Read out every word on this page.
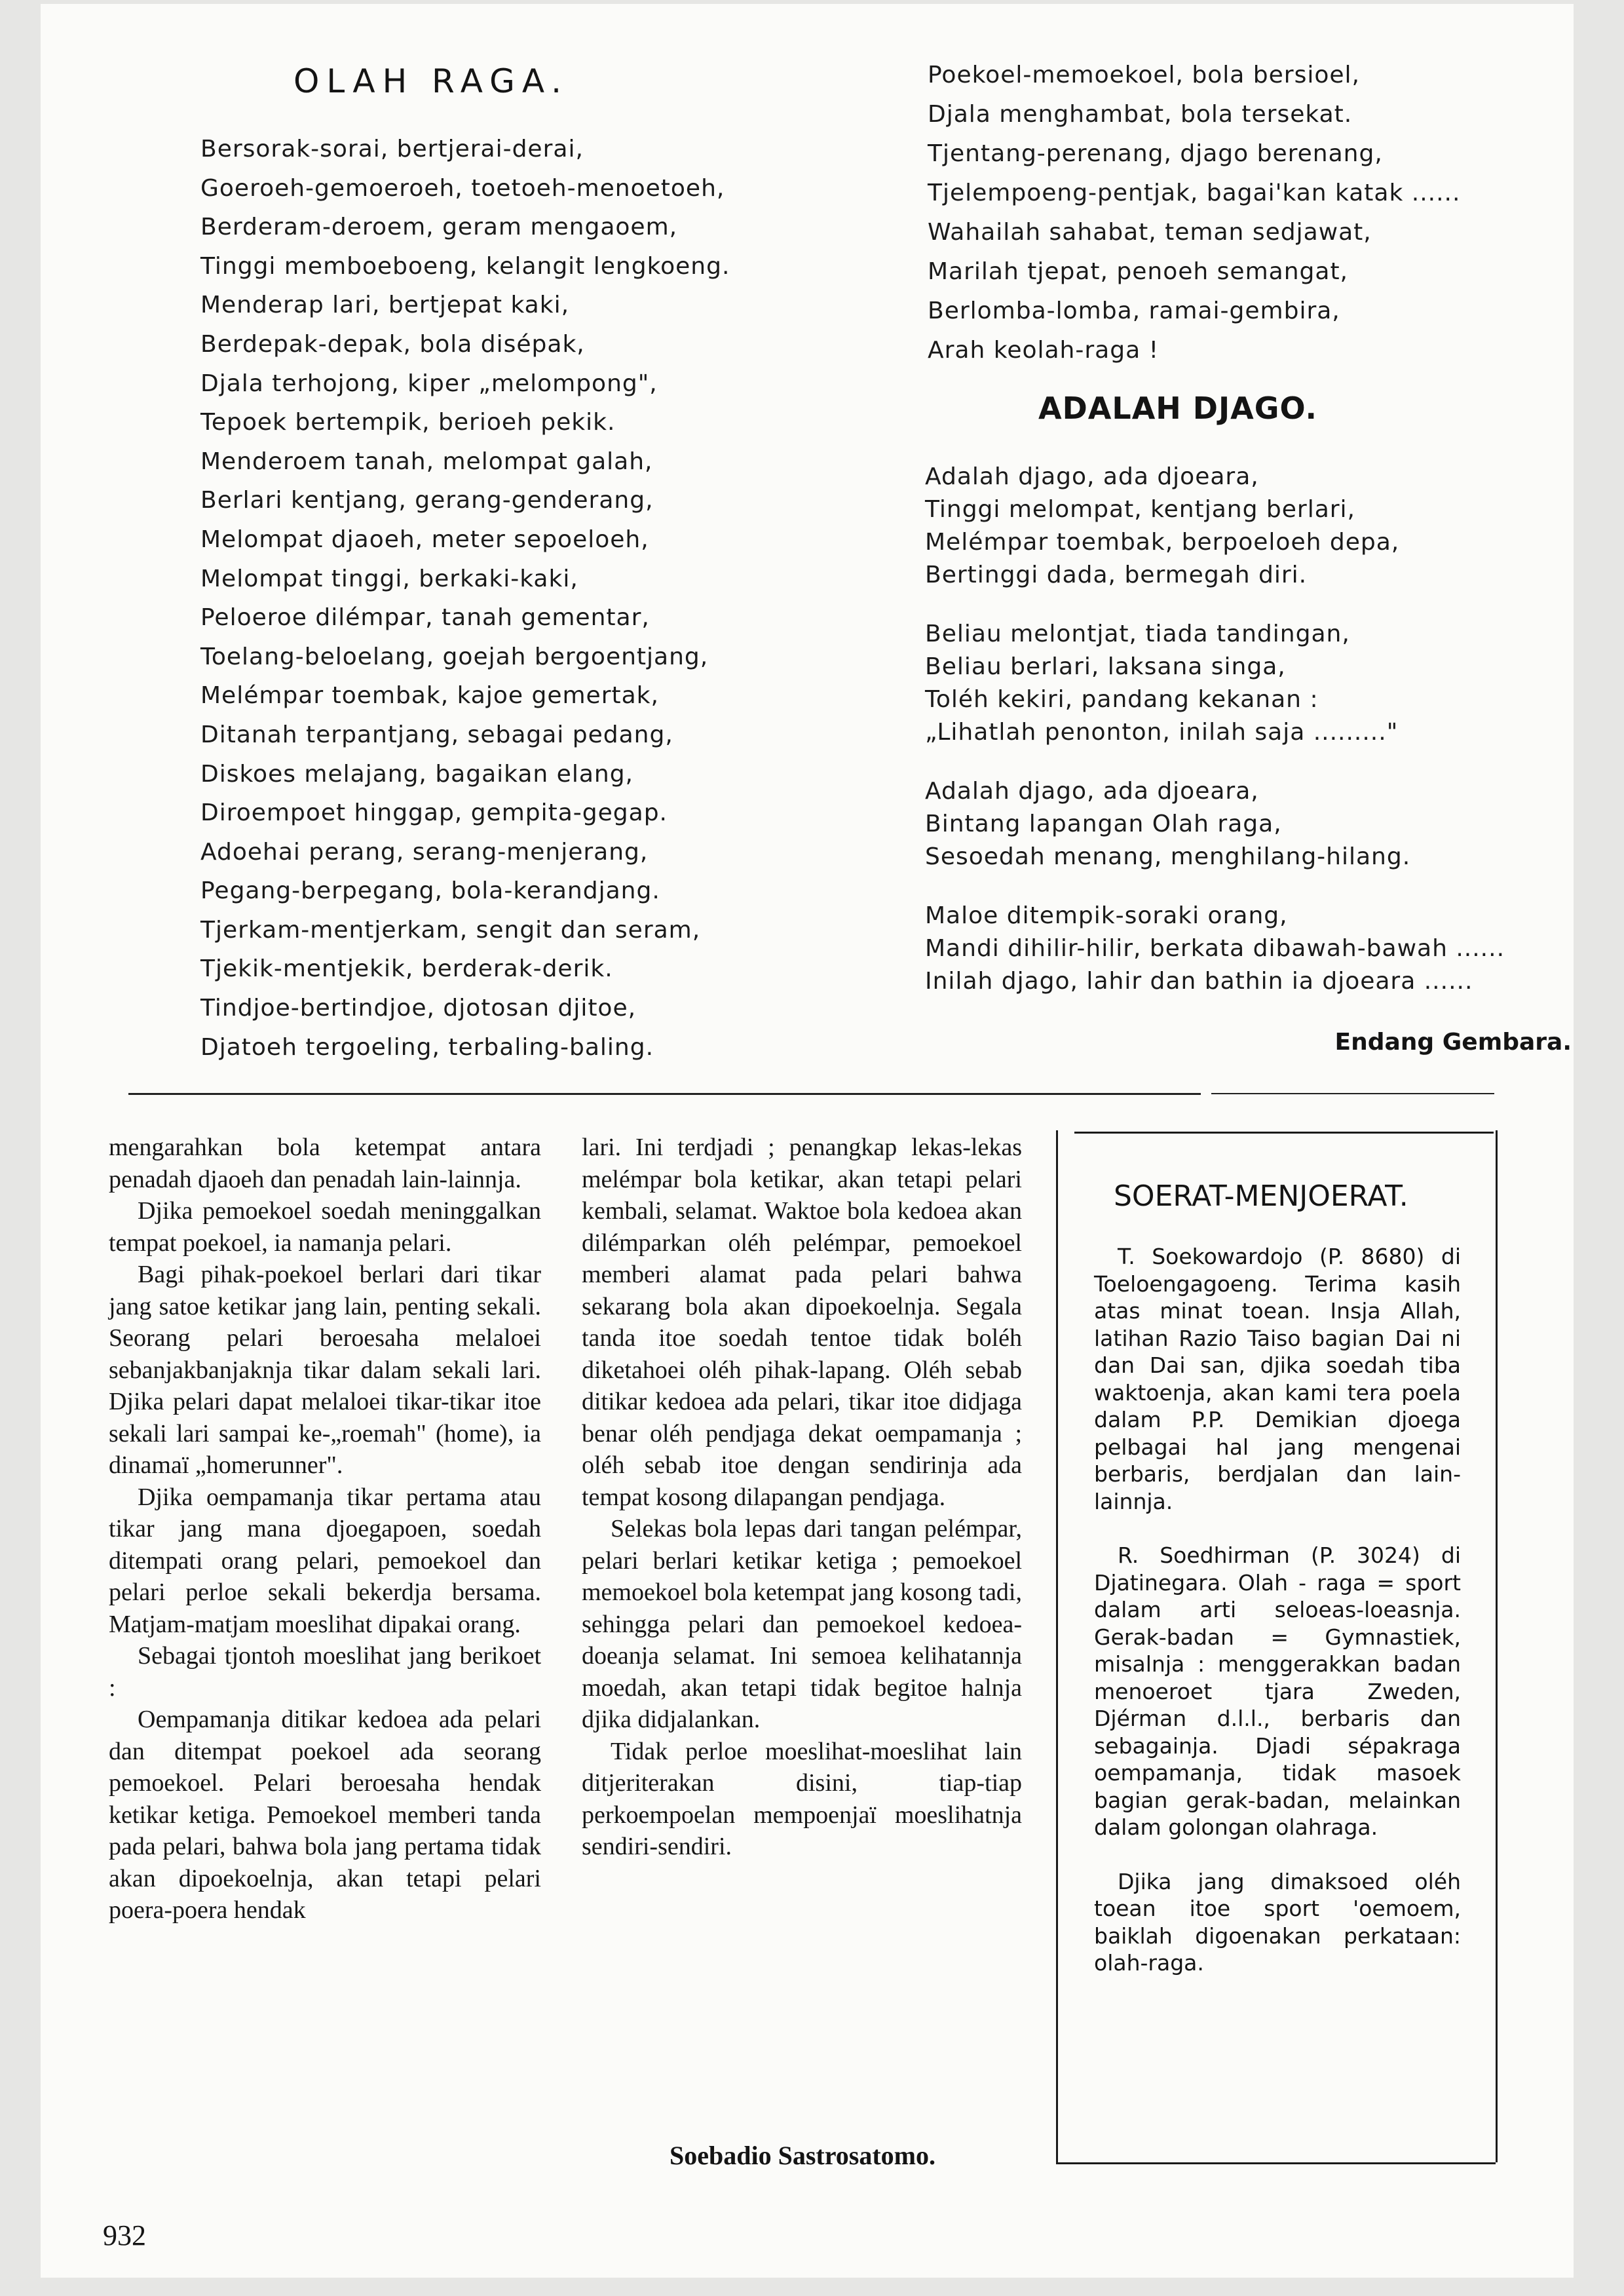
OLAH RAGA.
Bersorak-sorai, bertjerai-derai,
Goeroeh-gemoeroeh, toetoeh-menoetoeh,
Berderam-deroem, geram mengaoem,
Tinggi memboeboeng, kelangit lengkoeng.
Menderap lari, bertjepat kaki,
Berdepak-depak, bola disépak,
Djala terhojong, kiper „melompong",
Tepoek bertempik, berioeh pekik.
Menderoem tanah, melompat galah,
Berlari kentjang, gerang-genderang,
Melompat djaoeh, meter sepoeloeh,
Melompat tinggi, berkaki-kaki,
Peloeroe dilémpar, tanah gementar,
Toelang-beloelang, goejah bergoentjang,
Melémpar toembak, kajoe gemertak,
Ditanah terpantjang, sebagai pedang,
Diskoes melajang, bagaikan elang,
Diroempoet hinggap, gempita-gegap.
Adoehai perang, serang-menjerang,
Pegang-berpegang, bola-kerandjang.
Tjerkam-mentjerkam, sengit dan seram,
Tjekik-mentjekik, berderak-derik.
Tindjoe-bertindjoe, djotosan djitoe,
Djatoeh tergoeling, terbaling-baling.
Poekoel-memoekoel, bola bersioel,
Djala menghambat, bola tersekat.
Tjentang-perenang, djago berenang,
Tjelempoeng-pentjak, bagai'kan katak ......
Wahailah sahabat, teman sedjawat,
Marilah tjepat, penoeh semangat,
Berlomba-lomba, ramai-gembira,
Arah keolah-raga !
ADALAH DJAGO.
Adalah djago, ada djoeara,
Tinggi melompat, kentjang berlari,
Melémpar toembak, berpoeloeh depa,
Bertinggi dada, bermegah diri.
Beliau melontjat, tiada tandingan,
Beliau berlari, laksana singa,
Toléh kekiri, pandang kekanan :
„Lihatlah penonton, inilah saja ........."
Adalah djago, ada djoeara,
Bintang lapangan Olah raga,
Sesoedah menang, menghilang-hilang.
Maloe ditempik-soraki orang,
Mandi dihilir-hilir, berkata dibawah-bawah ......
Inilah djago, lahir dan bathin ia djoeara ......
Endang Gembara.

mengarahkan bola ketempat antara penadah djaoeh dan penadah lain-lainnja.

Djika pemoekoel soedah meninggalkan tempat poekoel, ia namanja pelari.

Bagi pihak-poekoel berlari dari tikar jang satoe ketikar jang lain, penting sekali. Seorang pelari beroesaha melaloei sebanjakbanjaknja tikar dalam sekali lari. Djika pelari dapat melaloei tikar-tikar itoe sekali lari sampai ke-„roemah" (home), ia dinamaï „homerunner".

Djika oempamanja tikar pertama atau tikar jang mana djoegapoen, soedah ditempati orang pelari, pemoekoel dan pelari perloe sekali bekerdja bersama. Matjam-matjam moeslihat dipakai orang.

Sebagai tjontoh moeslihat jang berikoet :

Oempamanja ditikar kedoea ada pelari dan ditempat poekoel ada seorang pemoekoel. Pelari beroesaha hendak ketikar ketiga. Pemoekoel memberi tanda pada pelari, bahwa bola jang pertama tidak akan dipoekoelnja, akan tetapi pelari poera-poera hendak

lari. Ini terdjadi ; penangkap lekas-lekas melémpar bola ketikar, akan tetapi pelari kembali, selamat. Waktoe bola kedoea akan dilémparkan oléh pelémpar, pemoekoel memberi alamat pada pelari bahwa sekarang bola akan dipoekoelnja. Segala tanda itoe soedah tentoe tidak boléh diketahoei oléh pihak-lapang. Oléh sebab ditikar kedoea ada pelari, tikar itoe didjaga benar oléh pendjaga dekat oempamanja ; oléh sebab itoe dengan sendirinja ada tempat kosong dilapangan pendjaga.

Selekas bola lepas dari tangan pelémpar, pelari berlari ketikar ketiga ; pemoekoel memoekoel bola ketempat jang kosong tadi, sehingga pelari dan pemoekoel kedoea-doeanja selamat. Ini semoea kelihatannja moedah, akan tetapi tidak begitoe halnja djika didjalankan.

Tidak perloe moeslihat-moeslihat lain ditjeriterakan disini, tiap-tiap perkoempoelan mempoenjaï moeslihatnja sendiri-sendiri.

Soebadio Sastrosatomo.
SOERAT-MENJOERAT.

T. Soekowardojo (P. 8680) di Toeloengagoeng. Terima kasih atas minat toean. Insja Allah, latihan Razio Taiso bagian Dai ni dan Dai san, djika soedah tiba waktoenja, akan kami tera poela dalam P.P. Demikian djoega pelbagai hal jang mengenai berbaris, berdjalan dan lain-lainnja.

R. Soedhirman (P. 3024) di Djatinegara. Olah - raga = sport dalam arti seloeas-loeasnja. Gerak-badan = Gymnastiek, misalnja : menggerakkan badan menoeroet tjara Zweden, Djérman d.l.l., berbaris dan sebagainja. Djadi sépakraga oempamanja, tidak masoek bagian gerak-badan, melainkan dalam golongan olahraga.

Djika jang dimaksoed oléh toean itoe sport 'oemoem, baiklah digoenakan perkataan: olah-raga.

932
